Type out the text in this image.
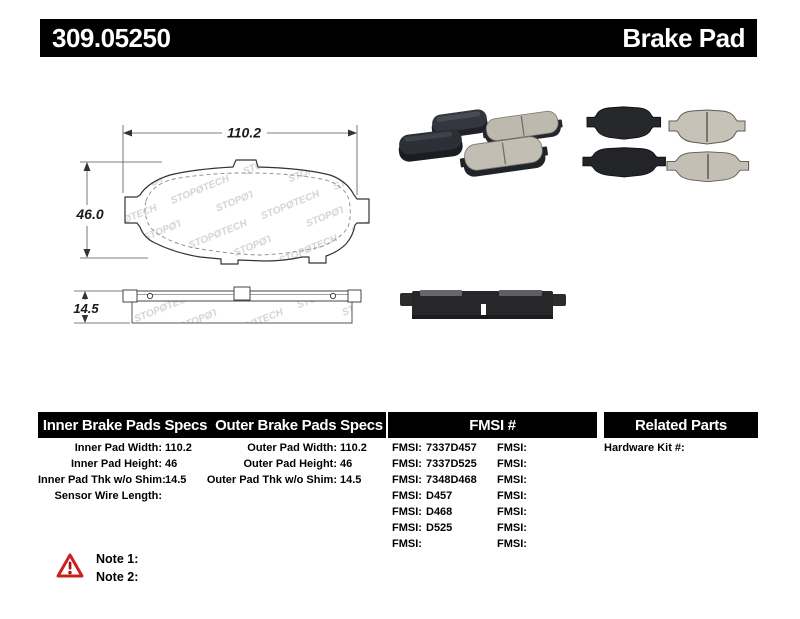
309.05250	Brake Pad
110.2
46.0
14.5
Inner Brake Pads Specs Outer Brake Pads Specs	FMSI #	Related Parts
Inner Pad Width: 110.2
Inner Pad Height: 46
Inner Pad Thk w/o Shim: 14.5
Sensor Wire Length:
Outer Pad Width: 110.2
Outer Pad Height: 46
Outer Pad Thk w/o Shim: 14.5
FMSI: 7337D457	FMSI:
FMSI: 7337D525	FMSI:
FMSI: 7348D468	FMSI:
FMSI: D457	FMSI:
FMSI: D468	FMSI:
FMSI: D525	FMSI:
FMSI:	FMSI:
Hardware Kit #:
Note 1:
Note 2:
